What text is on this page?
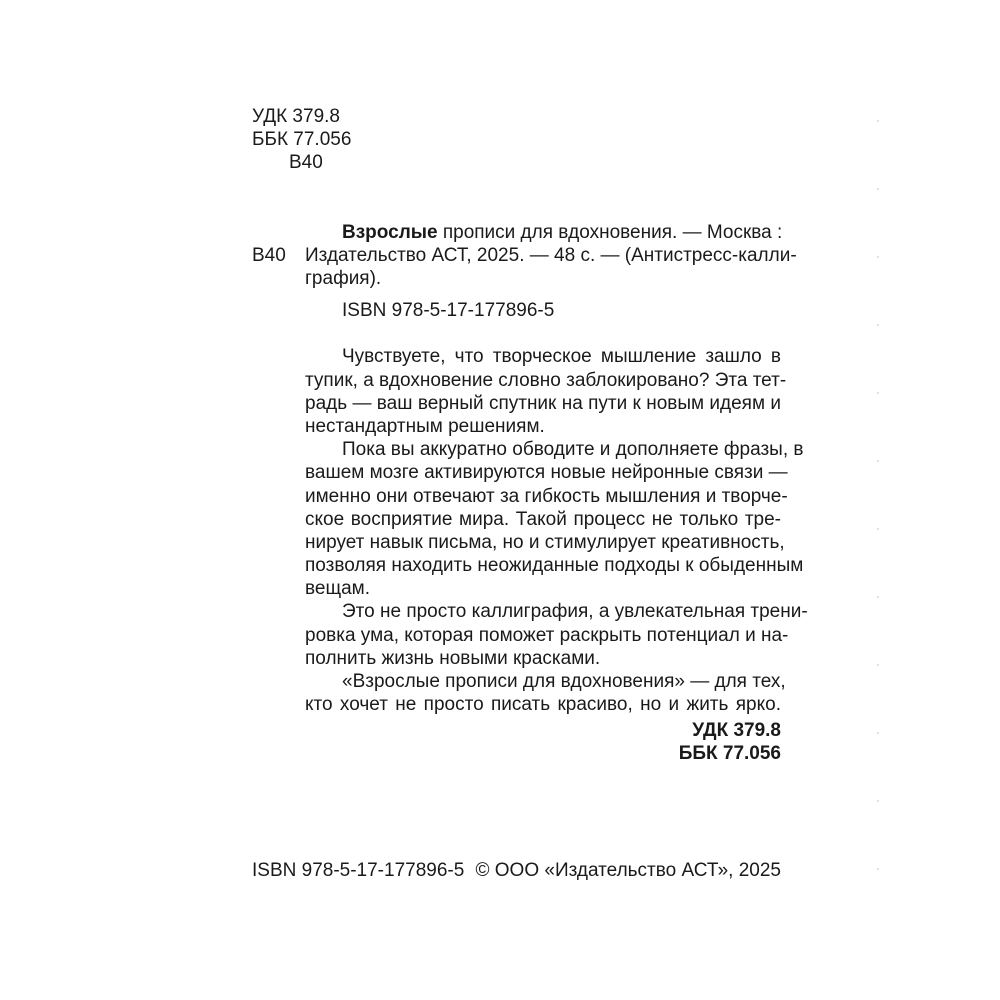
УДК 379.8
ББК 77.056
В40
В40
Взрослые прописи для вдохновения. — Москва :
Издательство АСТ, 2025. — 48 с. — (Антистресс-калли-
графия).
ISBN 978-5-17-177896-5
Чувствуете, что творческое мышление зашло в
тупик, а вдохновение словно заблокировано? Эта тет-
радь — ваш верный спутник на пути к новым идеям и
нестандартным решениям.
Пока вы аккуратно обводите и дополняете фразы, в
вашем мозге активируются новые нейронные связи —
именно они отвечают за гибкость мышления и творче-
ское восприятие мира. Такой процесс не только тре-
нирует навык письма, но и стимулирует креативность,
позволяя находить неожиданные подходы к обыденным
вещам.
Это не просто каллиграфия, а увлекательная трени-
ровка ума, которая поможет раскрыть потенциал и на-
полнить жизнь новыми красками.
«Взрослые прописи для вдохновения» — для тех,
кто хочет не просто писать красиво, но и жить ярко.
УДК 379.8
ББК 77.056
ISBN 978-5-17-177896-5 © ООО «Издательство АСТ», 2025
